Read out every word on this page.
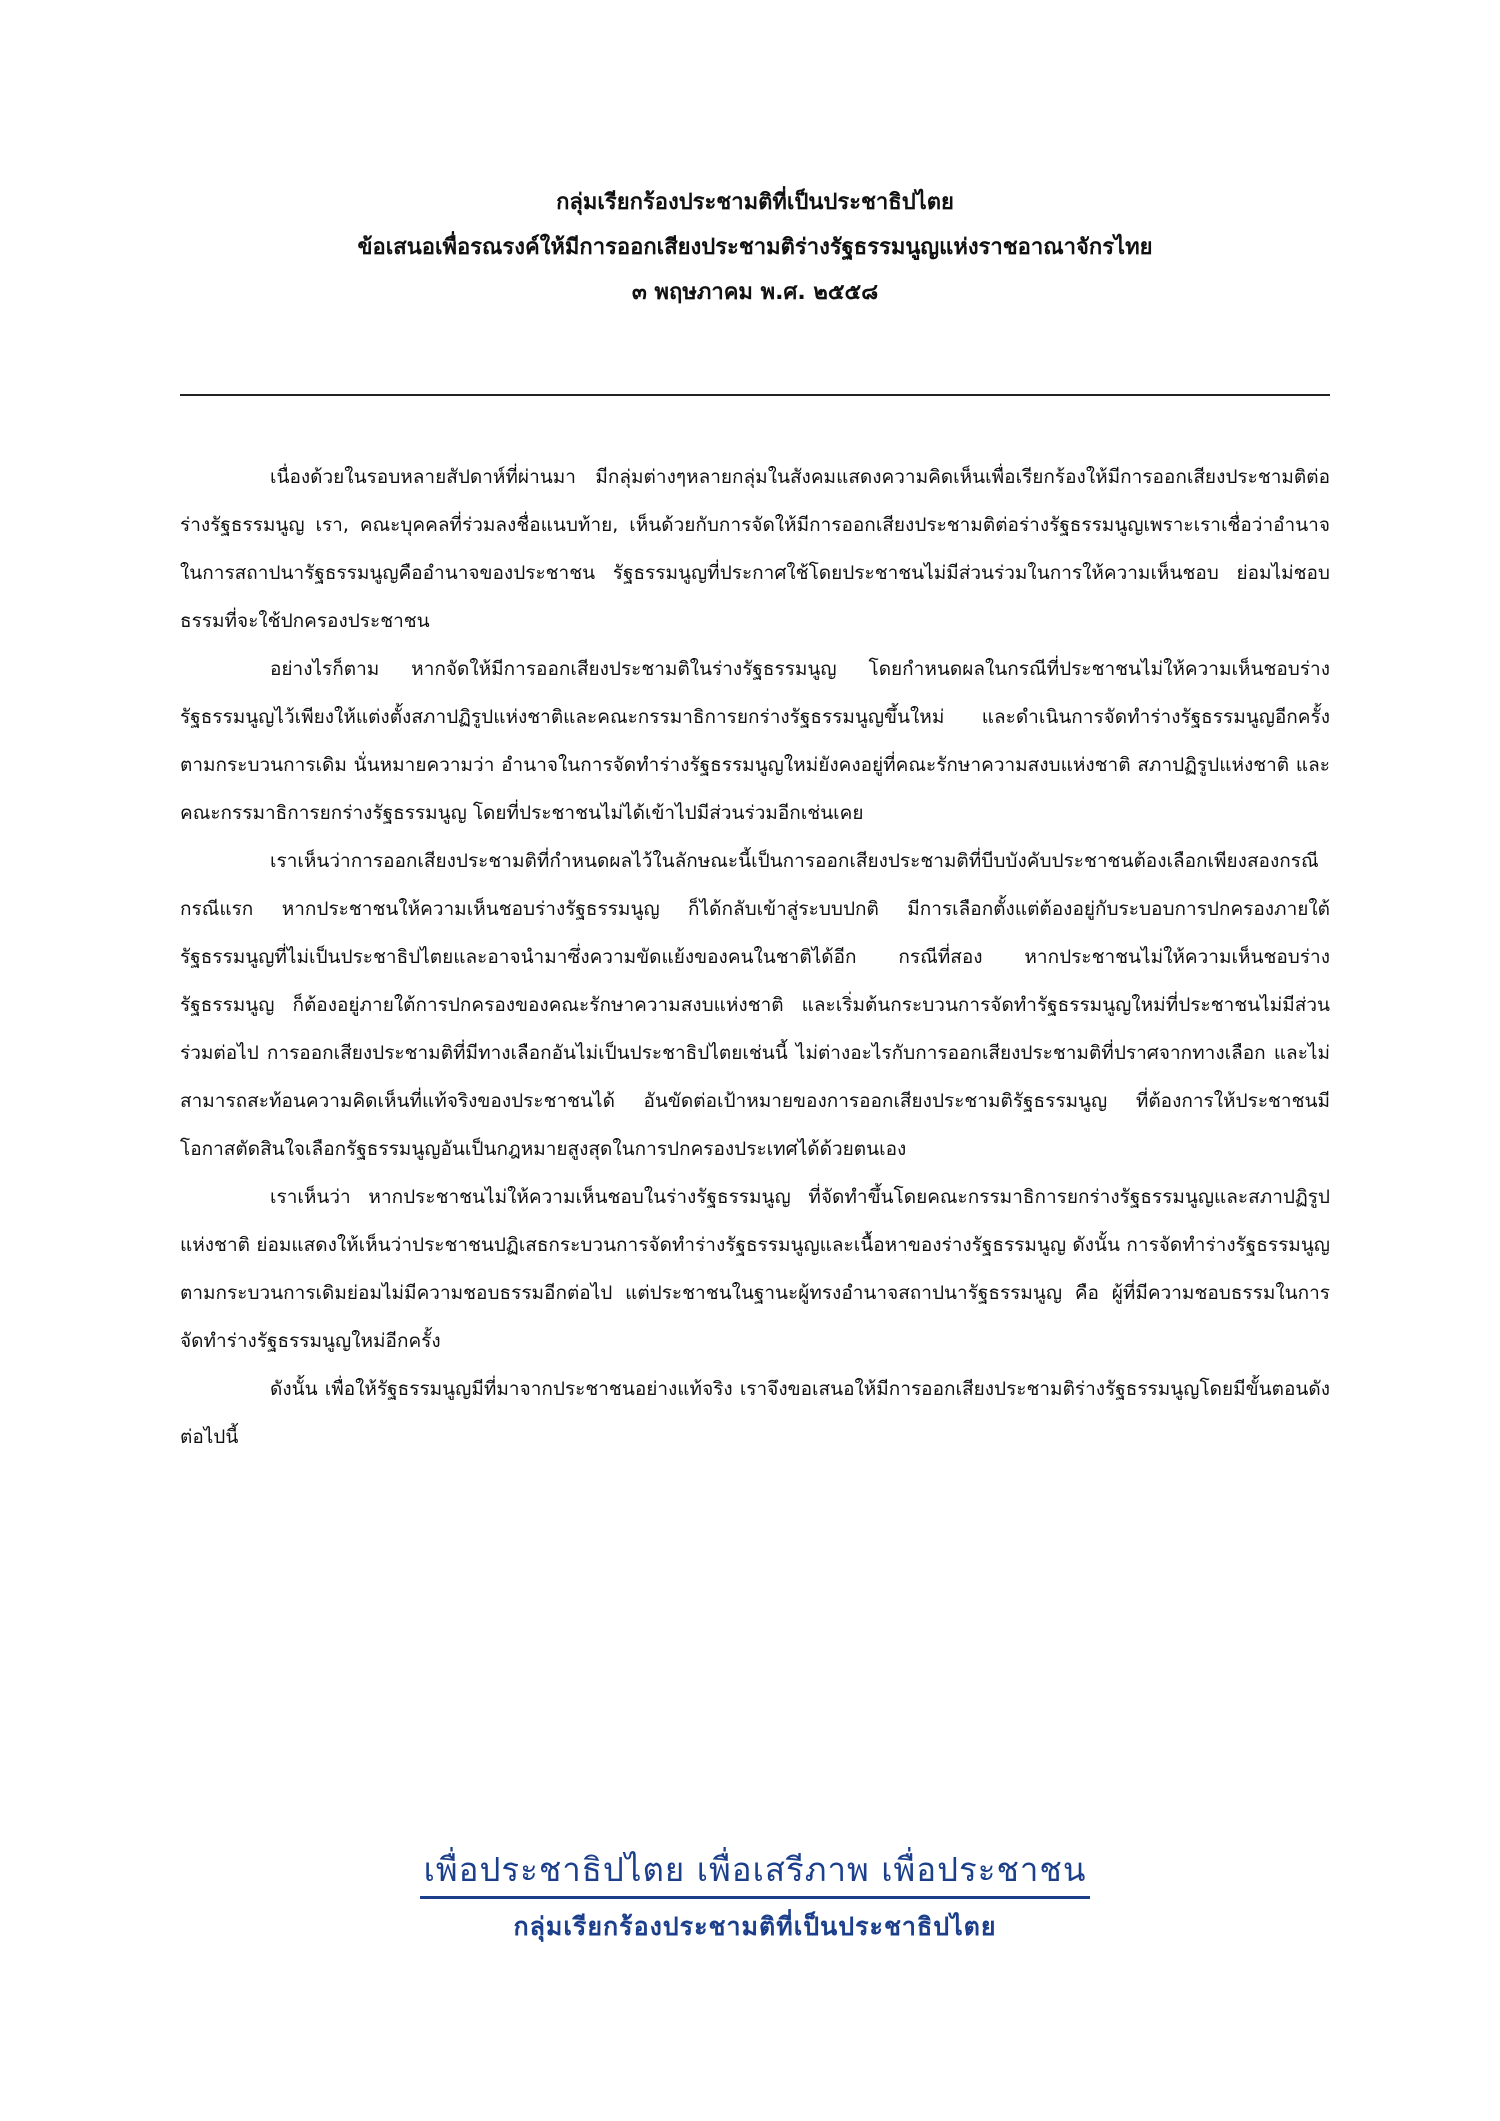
กลุ่มเรียกร้องประชามติที่เป็นประชาธิปไตย
ข้อเสนอเพื่อรณรงค์ให้มีการออกเสียงประชามติร่างรัฐธรรมนูญแห่งราชอาณาจักรไทย
๓ พฤษภาคม พ.ศ. ๒๕๕๘

เนื่องด้วยในรอบหลายสัปดาห์ที่ผ่านมา มีกลุ่มต่างๆหลายกลุ่มในสังคมแสดงความคิดเห็นเพื่อเรียกร้องให้มีการออกเสียงประชามติต่อร่างรัฐธรรมนูญ เรา, คณะบุคคลที่ร่วมลงชื่อแนบท้าย, เห็นด้วยกับการจัดให้มีการออกเสียงประชามติต่อร่างรัฐธรรมนูญเพราะเราเชื่อว่าอำนาจในการสถาปนารัฐธรรมนูญคืออำนาจของประชาชน รัฐธรรมนูญที่ประกาศใช้โดยประชาชนไม่มีส่วนร่วมในการให้ความเห็นชอบ ย่อมไม่ชอบธรรมที่จะใช้ปกครองประชาชน

อย่างไรก็ตาม หากจัดให้มีการออกเสียงประชามติในร่างรัฐธรรมนูญ โดยกำหนดผลในกรณีที่ประชาชนไม่ให้ความเห็นชอบร่างรัฐธรรมนูญไว้เพียงให้แต่งตั้งสภาปฏิรูปแห่งชาติและคณะกรรมาธิการยกร่างรัฐธรรมนูญขึ้นใหม่ และดำเนินการจัดทำร่างรัฐธรรมนูญอีกครั้งตามกระบวนการเดิม นั่นหมายความว่า อำนาจในการจัดทำร่างรัฐธรรมนูญใหม่ยังคงอยู่ที่คณะรักษาความสงบแห่งชาติ สภาปฏิรูปแห่งชาติ และคณะกรรมาธิการยกร่างรัฐธรรมนูญ โดยที่ประชาชนไม่ได้เข้าไปมีส่วนร่วมอีกเช่นเคย

เราเห็นว่าการออกเสียงประชามติที่กำหนดผลไว้ในลักษณะนี้เป็นการออกเสียงประชามติที่บีบบังคับประชาชนต้องเลือกเพียงสองกรณี กรณีแรก หากประชาชนให้ความเห็นชอบร่างรัฐธรรมนูญ ก็ได้กลับเข้าสู่ระบบปกติ มีการเลือกตั้งแต่ต้องอยู่กับระบอบการปกครองภายใต้รัฐธรรมนูญที่ไม่เป็นประชาธิปไตยและอาจนำมาซึ่งความขัดแย้งของคนในชาติได้อีก กรณีที่สอง หากประชาชนไม่ให้ความเห็นชอบร่างรัฐธรรมนูญ ก็ต้องอยู่ภายใต้การปกครองของคณะรักษาความสงบแห่งชาติ และเริ่มต้นกระบวนการจัดทำรัฐธรรมนูญใหม่ที่ประชาชนไม่มีส่วนร่วมต่อไป การออกเสียงประชามติที่มีทางเลือกอันไม่เป็นประชาธิปไตยเช่นนี้ ไม่ต่างอะไรกับการออกเสียงประชามติที่ปราศจากทางเลือก และไม่สามารถสะท้อนความคิดเห็นที่แท้จริงของประชาชนได้ อันขัดต่อเป้าหมายของการออกเสียงประชามติรัฐธรรมนูญ ที่ต้องการให้ประชาชนมีโอกาสตัดสินใจเลือกรัฐธรรมนูญอันเป็นกฎหมายสูงสุดในการปกครองประเทศได้ด้วยตนเอง

เราเห็นว่า หากประชาชนไม่ให้ความเห็นชอบในร่างรัฐธรรมนูญ ที่จัดทำขึ้นโดยคณะกรรมาธิการยกร่างรัฐธรรมนูญและสภาปฏิรูปแห่งชาติ ย่อมแสดงให้เห็นว่าประชาชนปฏิเสธกระบวนการจัดทำร่างรัฐธรรมนูญและเนื้อหาของร่างรัฐธรรมนูญ ดังนั้น การจัดทำร่างรัฐธรรมนูญตามกระบวนการเดิมย่อมไม่มีความชอบธรรมอีกต่อไป แต่ประชาชนในฐานะผู้ทรงอำนาจสถาปนารัฐธรรมนูญ คือ ผู้ที่มีความชอบธรรมในการจัดทำร่างรัฐธรรมนูญใหม่อีกครั้ง

ดังนั้น เพื่อให้รัฐธรรมนูญมีที่มาจากประชาชนอย่างแท้จริง เราจึงขอเสนอให้มีการออกเสียงประชามติร่างรัฐธรรมนูญโดยมีขั้นตอนดังต่อไปนี้

เพื่อประชาธิปไตย เพื่อเสรีภาพ เพื่อประชาชน
กลุ่มเรียกร้องประชามติที่เป็นประชาธิปไตย
